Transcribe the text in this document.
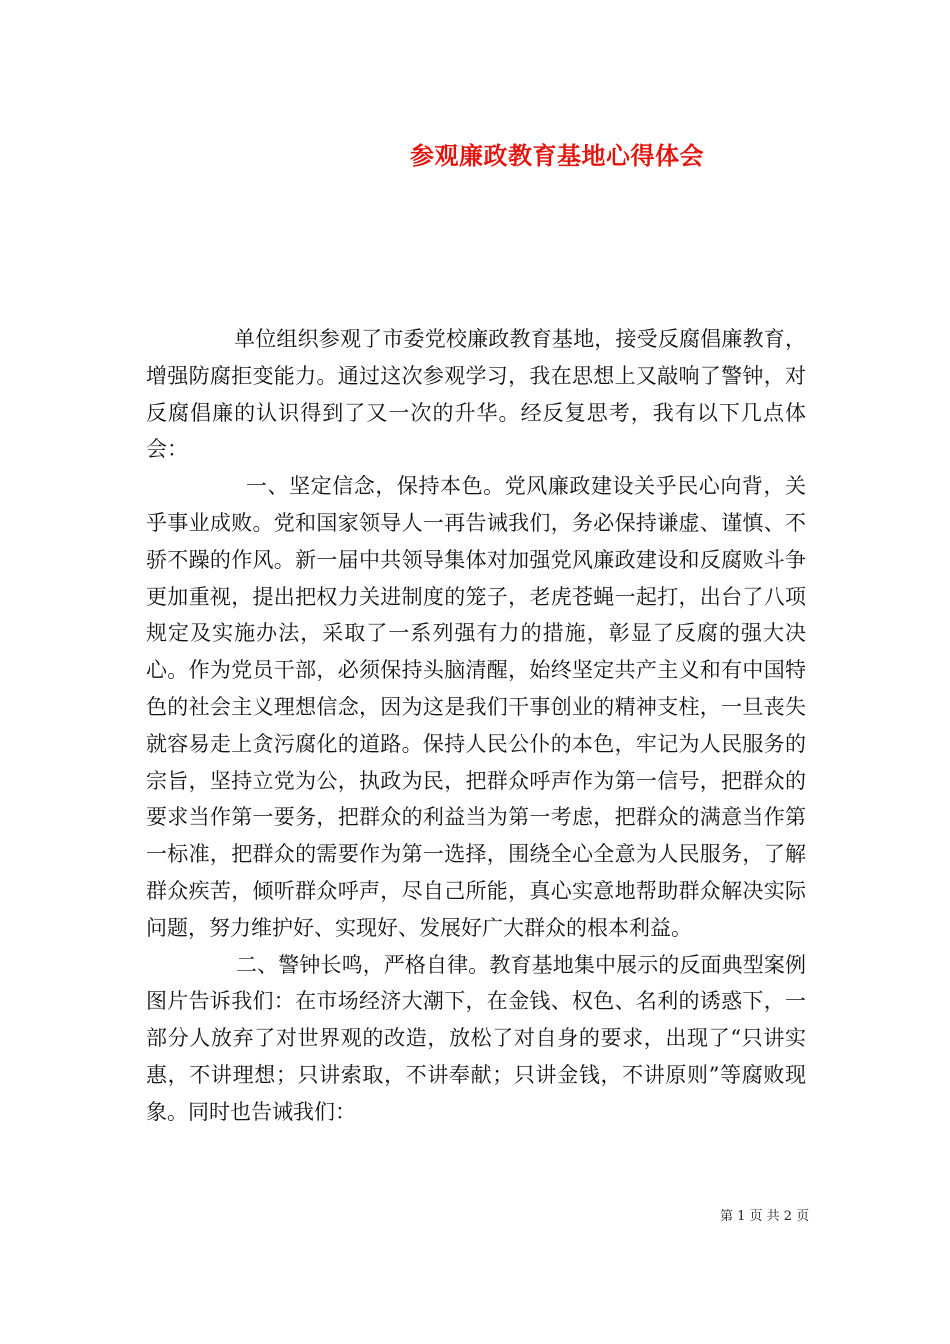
参观廉政教育基地心得体会

单位组织参观了市委党校廉政教育基地，接受反腐倡廉教育，增强防腐拒变能力。通过这次参观学习，我在思想上又敲响了警钟，对反腐倡廉的认识得到了又一次的升华。经反复思考，我有以下几点体会：

一、坚定信念，保持本色。党风廉政建设关乎民心向背，关乎事业成败。党和国家领导人一再告诫我们，务必保持谦虚、谨慎、不骄不躁的作风。新一届中共领导集体对加强党风廉政建设和反腐败斗争更加重视，提出把权力关进制度的笼子，老虎苍蝇一起打，出台了八项规定及实施办法，采取了一系列强有力的措施，彰显了反腐的强大决心。作为党员干部，必须保持头脑清醒，始终坚定共产主义和有中国特色的社会主义理想信念，因为这是我们干事创业的精神支柱，一旦丧失就容易走上贪污腐化的道路。保持人民公仆的本色，牢记为人民服务的宗旨，坚持立党为公，执政为民，把群众呼声作为第一信号，把群众的要求当作第一要务，把群众的利益当为第一考虑，把群众的满意当作第一标准，把群众的需要作为第一选择，围绕全心全意为人民服务，了解群众疾苦，倾听群众呼声，尽自己所能，真心实意地帮助群众解决实际问题，努力维护好、实现好、发展好广大群众的根本利益。

二、警钟长鸣，严格自律。教育基地集中展示的反面典型案例图片告诉我们：在市场经济大潮下，在金钱、权色、名利的诱惑下，一部分人放弃了对世界观的改造，放松了对自身的要求，出现了“只讲实惠，不讲理想；只讲索取，不讲奉献；只讲金钱，不讲原则”等腐败现象。同时也告诫我们：

第 1 页 共 2 页
